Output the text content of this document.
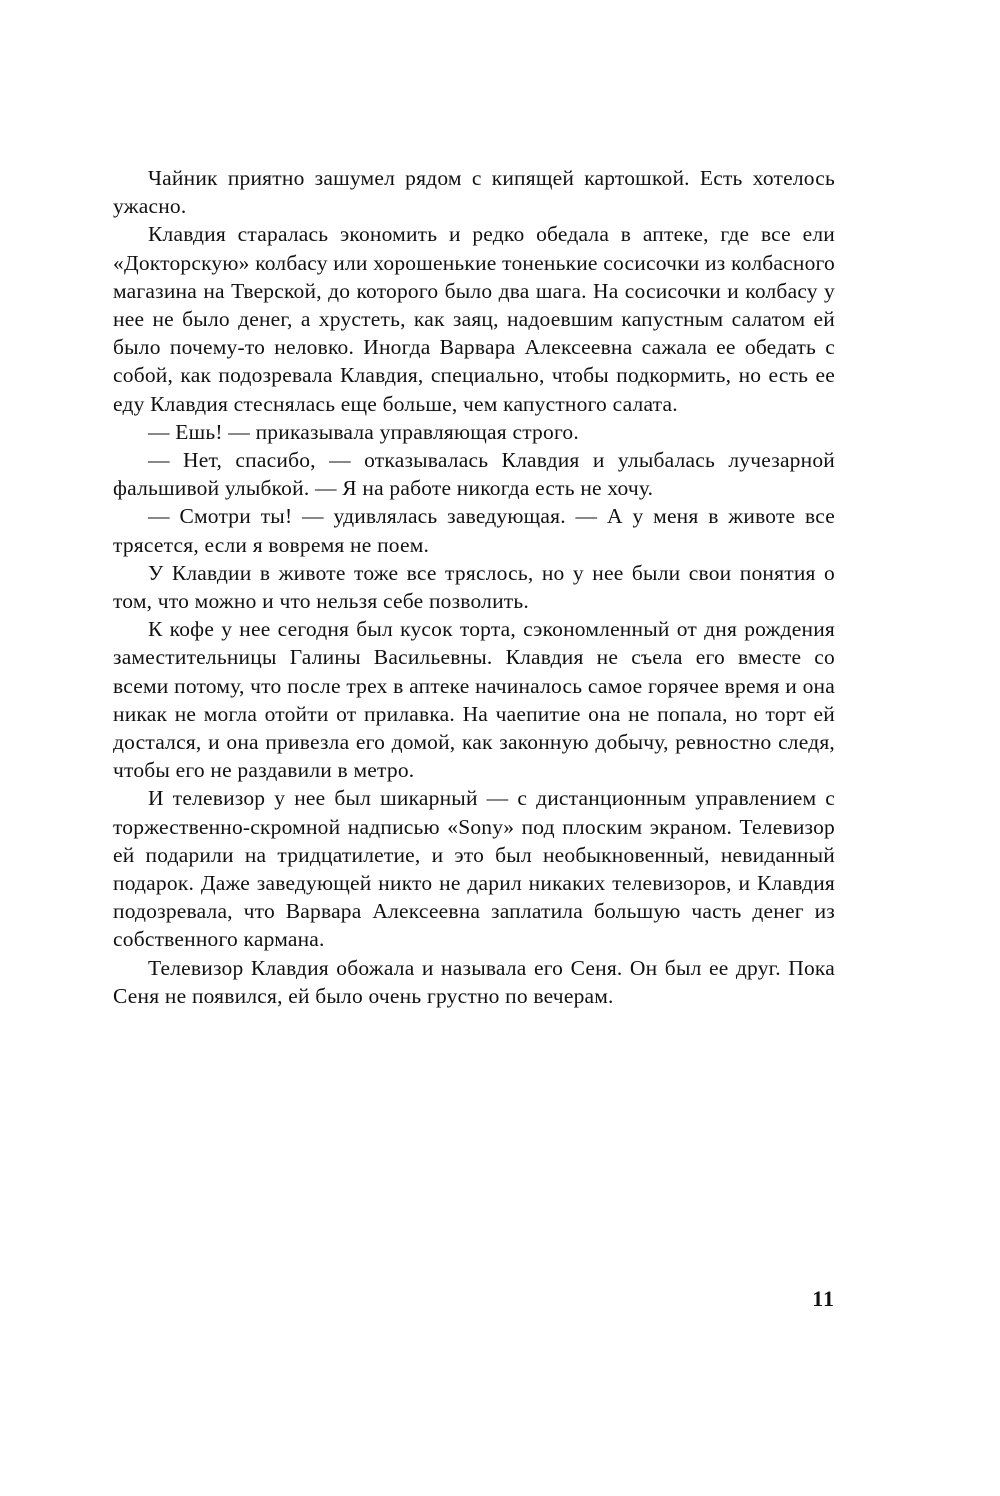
Чайник приятно зашумел рядом с кипящей картошкой. Есть хотелось ужасно.

Клавдия старалась экономить и редко обедала в аптеке, где все ели «Докторскую» колбасу или хорошенькие тоненькие сосисочки из колбасного магазина на Тверской, до которого было два шага. На сосисочки и колбасу у нее не было денег, а хрустеть, как заяц, надоевшим капустным салатом ей было почему-то неловко. Иногда Варвара Алексеевна сажала ее обедать с собой, как подозревала Клавдия, специально, чтобы подкормить, но есть ее еду Клавдия стеснялась еще больше, чем капустного салата.

— Ешь! — приказывала управляющая строго.

— Нет, спасибо, — отказывалась Клавдия и улыбалась лучезарной фальшивой улыбкой. — Я на работе никогда есть не хочу.

— Смотри ты! — удивлялась заведующая. — А у меня в животе все трясется, если я вовремя не поем.

У Клавдии в животе тоже все тряслось, но у нее были свои понятия о том, что можно и что нельзя себе позволить.

К кофе у нее сегодня был кусок торта, сэкономленный от дня рождения заместительницы Галины Васильевны. Клавдия не съела его вместе со всеми потому, что после трех в аптеке начиналось самое горячее время и она никак не могла отойти от прилавка. На чаепитие она не попала, но торт ей достался, и она привезла его домой, как законную добычу, ревностно следя, чтобы его не раздавили в метро.

И телевизор у нее был шикарный — с дистанционным управлением с торжественно-скромной надписью «Sony» под плоским экраном. Телевизор ей подарили на тридцатилетие, и это был необыкновенный, невиданный подарок. Даже заведующей никто не дарил никаких телевизоров, и Клавдия подозревала, что Варвара Алексеевна заплатила большую часть денег из собственного кармана.

Телевизор Клавдия обожала и называла его Сеня. Он был ее друг. Пока Сеня не появился, ей было очень грустно по вечерам.

11
